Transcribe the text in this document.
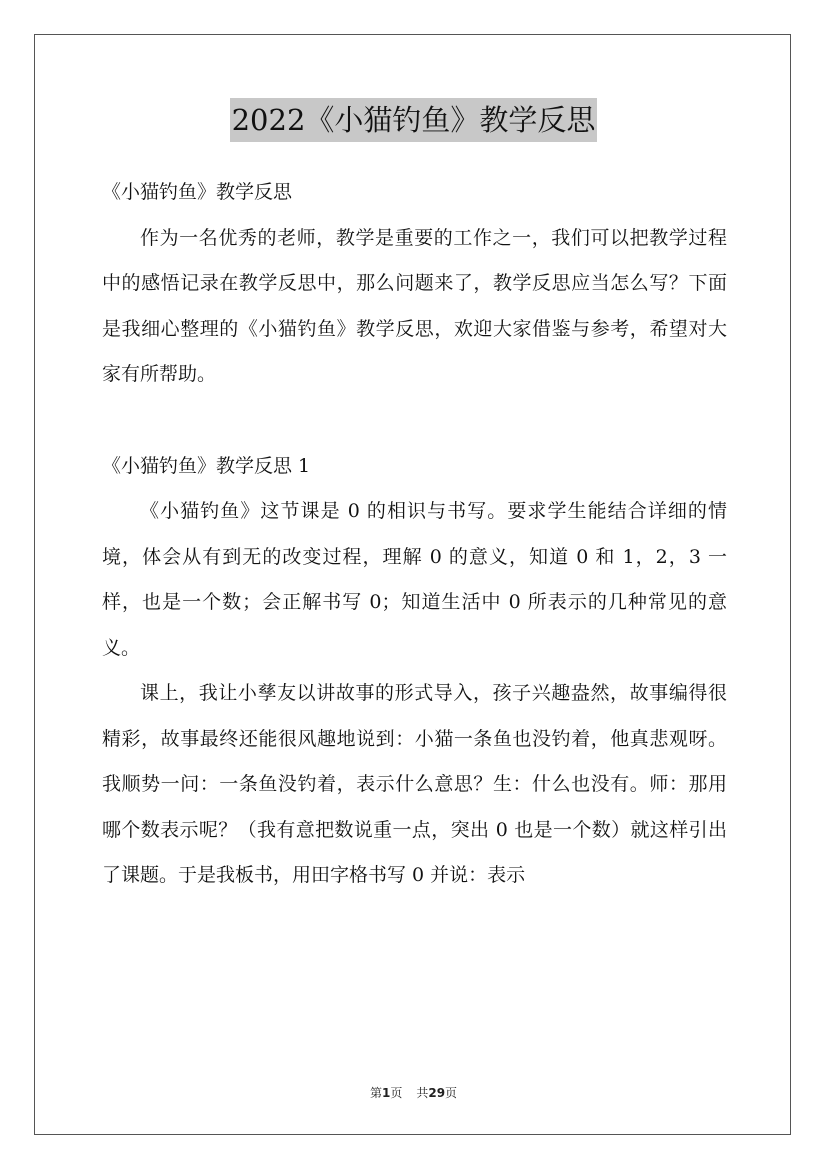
2022《小猫钓鱼》教学反思

《小猫钓鱼》教学反思

作为一名优秀的老师，教学是重要的工作之一，我们可以把教学过程中的感悟记录在教学反思中，那么问题来了，教学反思应当怎么写？下面是我细心整理的《小猫钓鱼》教学反思，欢迎大家借鉴与参考，希望对大家有所帮助。

《小猫钓鱼》教学反思 1

《小猫钓鱼》这节课是 0 的相识与书写。要求学生能结合详细的情境，体会从有到无的改变过程，理解 0 的意义，知道 0 和 1，2，3 一样，也是一个数；会正解书写 0；知道生活中 0 所表示的几种常见的意义。

课上，我让小孳友以讲故事的形式导入，孩子兴趣盎然，故事编得很精彩，故事最终还能很风趣地说到：小猫一条鱼也没钓着，他真悲观呀。我顺势一问：一条鱼没钓着，表示什么意思？生：什么也没有。师：那用哪个数表示呢？（我有意把数说重一点，突出 0 也是一个数）就这样引出了课题。于是我板书，用田字格书写 0 并说：表示

第1页 共29页
